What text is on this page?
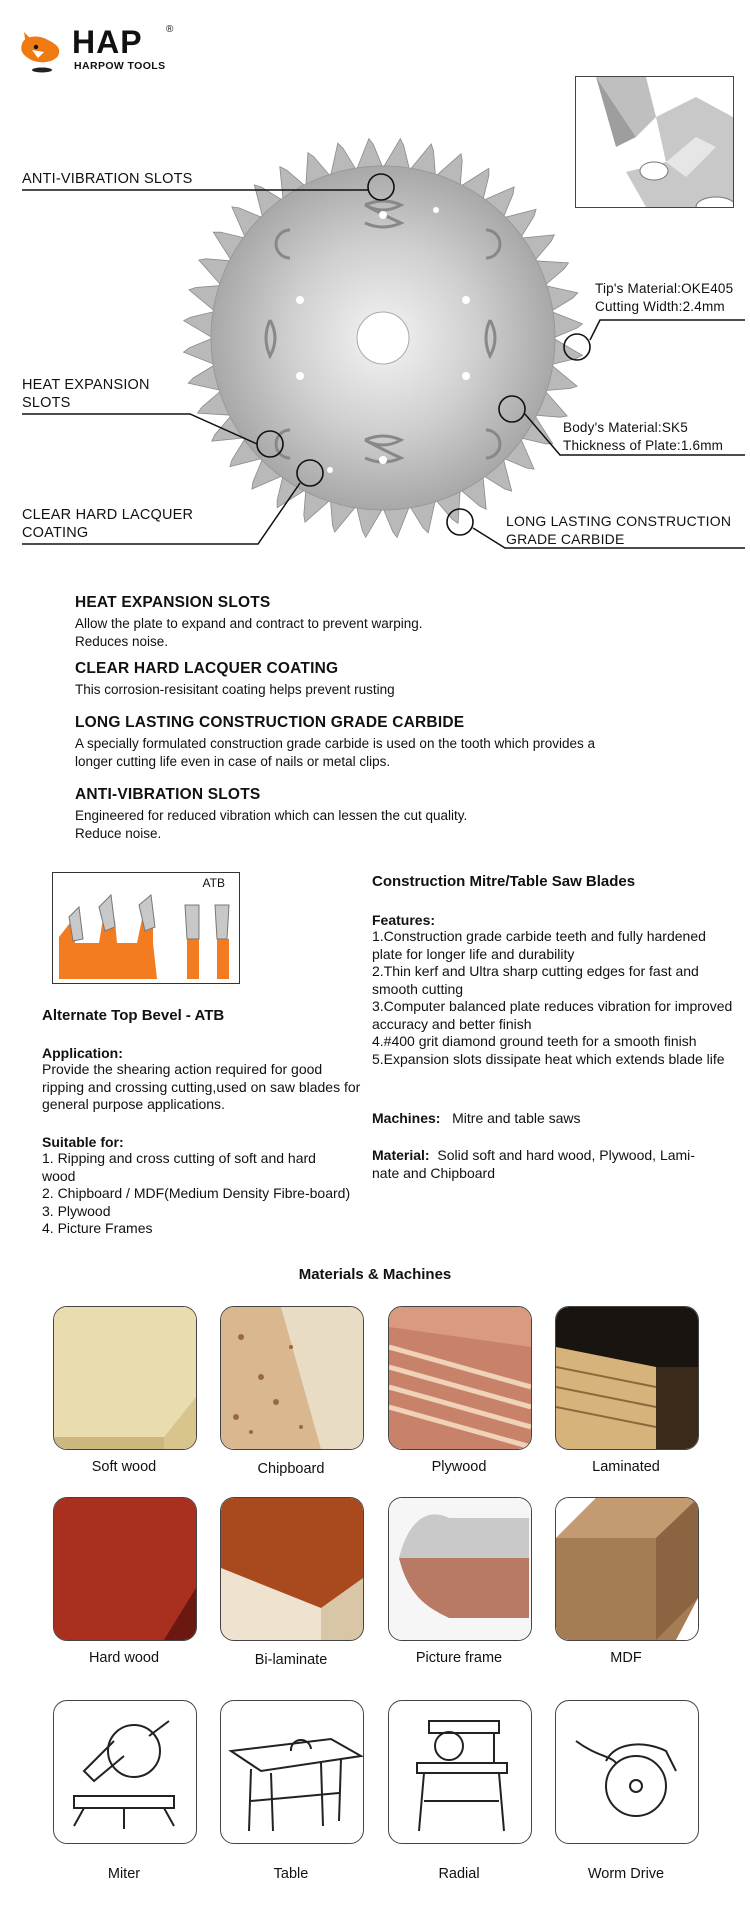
HAP ®
HARPOW TOOLS
ANTI-VIBRATION SLOTS
HEAT EXPANSION
SLOTS
CLEAR HARD LACQUER
COATING
Tip's Material:OKE405
Cutting Width:2.4mm
Body's Material:SK5
Thickness of Plate:1.6mm
LONG LASTING CONSTRUCTION
GRADE CARBIDE
HEAT EXPANSION SLOTS
Allow the plate to expand and contract to prevent warping.
Reduces noise.
CLEAR HARD LACQUER COATING
This corrosion-resisitant coating helps prevent rusting
LONG LASTING CONSTRUCTION GRADE CARBIDE
A specially formulated construction grade carbide is used on the tooth which provides a
longer cutting life even in case of nails or metal clips.
ANTI-VIBRATION SLOTS
Engineered for reduced vibration which can lessen the cut quality.
Reduce noise.
ATB
Alternate Top Bevel - ATB
Application:
Provide the shearing action required for good ripping and crossing cutting,used on saw blades for general purpose applications.
Suitable for:
1. Ripping and cross cutting of soft and hard wood
2. Chipboard / MDF(Medium Density Fibre-board)
3. Plywood
4. Picture Frames
Construction Mitre/Table Saw Blades
Features:
1.Construction grade carbide teeth and fully hardened plate for longer life and durability
2.Thin kerf and Ultra sharp cutting edges for fast and smooth cutting
3.Computer balanced plate reduces vibration for improved accuracy and better finish
4.#400 grit diamond ground teeth for a smooth finish
5.Expansion slots dissipate heat which extends blade life
Machines: Mitre and table saws
Material: Solid soft and hard wood, Plywood, Lami-nate and Chipboard
Materials & Machines
Soft wood	Chipboard	Plywood	Laminated
Hard wood	Bi-laminate	Picture frame	MDF
Miter	Table	Radial	Worm Drive
